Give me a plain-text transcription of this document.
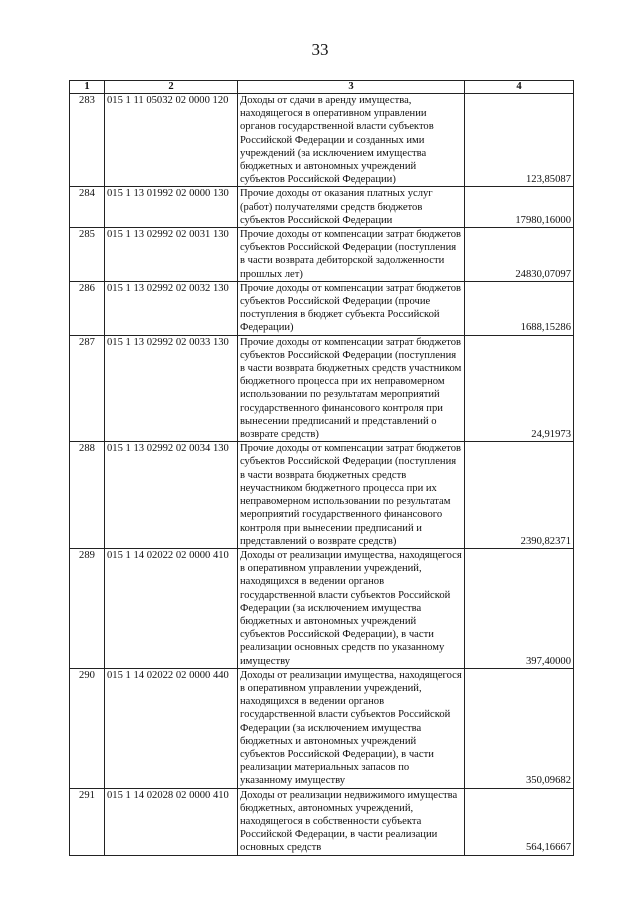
33
1	2	3	4
283	015 1 11 05032 02 0000 120	Доходы от сдачи в аренду имущества, находящегося в оперативном управлении органов государственной власти субъектов Российской Федерации и созданных ими учреждений (за исключением имущества бюджетных и автономных учреждений субъектов Российской Федерации)	123,85087
284	015 1 13 01992 02 0000 130	Прочие доходы от оказания платных услуг (работ) получателями средств бюджетов субъектов Российской Федерации	17980,16000
285	015 1 13 02992 02 0031 130	Прочие доходы от компенсации затрат бюджетов субъектов Российской Федерации (поступления в части возврата дебиторской задолженности прошлых лет)	24830,07097
286	015 1 13 02992 02 0032 130	Прочие доходы от компенсации затрат бюджетов субъектов Российской Федерации (прочие поступления в бюджет субъекта Российской Федерации)	1688,15286
287	015 1 13 02992 02 0033 130	Прочие доходы от компенсации затрат бюджетов субъектов Российской Федерации (поступления в части возврата бюджетных средств участником бюджетного процесса при их неправомерном использовании по результатам мероприятий государственного финансового контроля при вынесении предписаний и представлений о возврате средств)	24,91973
288	015 1 13 02992 02 0034 130	Прочие доходы от компенсации затрат бюджетов субъектов Российской Федерации (поступления в части возврата бюджетных средств неучастником бюджетного процесса при их неправомерном использовании по результатам мероприятий государственного финансового контроля при вынесении предписаний и представлений о возврате средств)	2390,82371
289	015 1 14 02022 02 0000 410	Доходы от реализации имущества, находящегося в оперативном управлении учреждений, находящихся в ведении органов государственной власти субъектов Российской Федерации (за исключением имущества бюджетных и автономных учреждений субъектов Российской Федерации), в части реализации основных средств по указанному имуществу	397,40000
290	015 1 14 02022 02 0000 440	Доходы от реализации имущества, находящегося в оперативном управлении учреждений, находящихся в ведении органов государственной власти субъектов Российской Федерации (за исключением имущества бюджетных и автономных учреждений субъектов Российской Федерации), в части реализации материальных запасов по указанному имуществу	350,09682
291	015 1 14 02028 02 0000 410	Доходы от реализации недвижимого имущества бюджетных, автономных учреждений, находящегося в собственности субъекта Российской Федерации, в части реализации основных средств	564,16667
